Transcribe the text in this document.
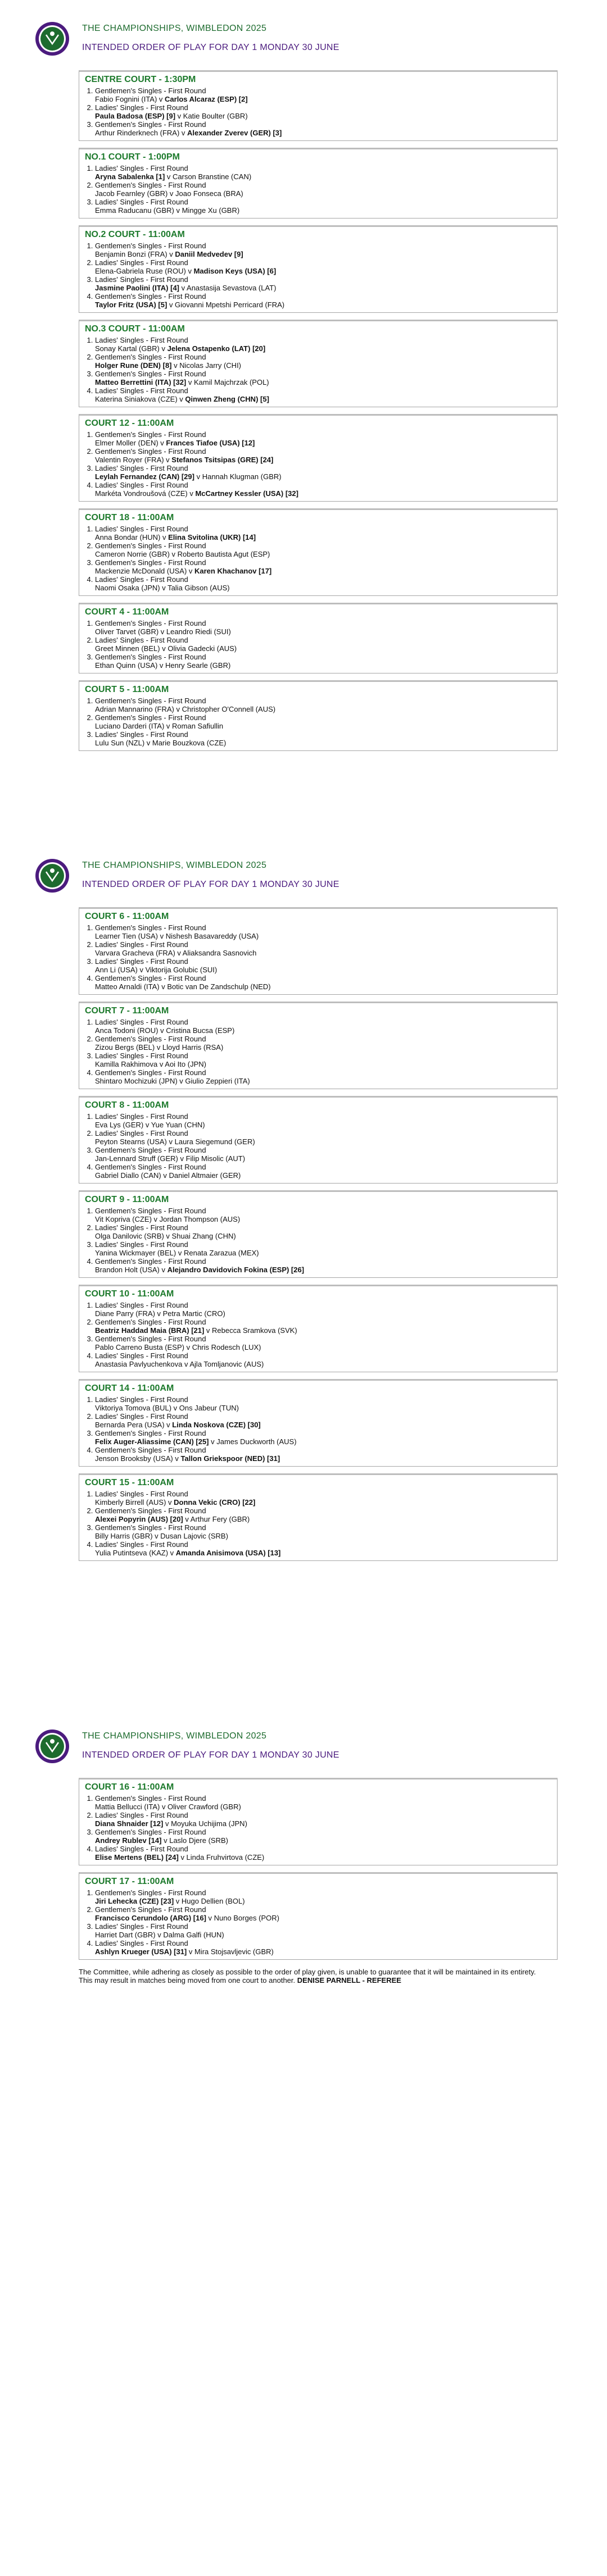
THE CHAMPIONSHIPS, WIMBLEDON 2025
INTENDED ORDER OF PLAY FOR DAY 1 MONDAY 30 JUNE
THE CHAMPIONSHIPS, WIMBLEDON 2025
INTENDED ORDER OF PLAY FOR DAY 1 MONDAY 30 JUNE
THE CHAMPIONSHIPS, WIMBLEDON 2025
INTENDED ORDER OF PLAY FOR DAY 1 MONDAY 30 JUNE
CENTRE COURT - 1:30PM
1. Gentlemen's Singles - First Round
Fabio Fognini (ITA) v Carlos Alcaraz (ESP) [2]
2. Ladies' Singles - First Round
Paula Badosa (ESP) [9] v Katie Boulter (GBR)
3. Gentlemen's Singles - First Round
Arthur Rinderknech (FRA) v Alexander Zverev (GER) [3]
NO.1 COURT - 1:00PM
1. Ladies' Singles - First Round
Aryna Sabalenka [1] v Carson Branstine (CAN)
2. Gentlemen's Singles - First Round
Jacob Fearnley (GBR) v Joao Fonseca (BRA)
3. Ladies' Singles - First Round
Emma Raducanu (GBR) v Mingge Xu (GBR)
NO.2 COURT - 11:00AM
1. Gentlemen's Singles - First Round
Benjamin Bonzi (FRA) v Daniil Medvedev [9]
2. Ladies' Singles - First Round
Elena-Gabriela Ruse (ROU) v Madison Keys (USA) [6]
3. Ladies' Singles - First Round
Jasmine Paolini (ITA) [4] v Anastasija Sevastova (LAT)
4. Gentlemen's Singles - First Round
Taylor Fritz (USA) [5] v Giovanni Mpetshi Perricard (FRA)
NO.3 COURT - 11:00AM
1. Ladies' Singles - First Round
Sonay Kartal (GBR) v Jelena Ostapenko (LAT) [20]
2. Gentlemen's Singles - First Round
Holger Rune (DEN) [8] v Nicolas Jarry (CHI)
3. Gentlemen's Singles - First Round
Matteo Berrettini (ITA) [32] v Kamil Majchrzak (POL)
4. Ladies' Singles - First Round
Katerina Siniakova (CZE) v Qinwen Zheng (CHN) [5]
COURT 12 - 11:00AM
1. Gentlemen's Singles - First Round
Elmer Moller (DEN) v Frances Tiafoe (USA) [12]
2. Gentlemen's Singles - First Round
Valentin Royer (FRA) v Stefanos Tsitsipas (GRE) [24]
3. Ladies' Singles - First Round
Leylah Fernandez (CAN) [29] v Hannah Klugman (GBR)
4. Ladies' Singles - First Round
Markéta Vondroušová (CZE) v McCartney Kessler (USA) [32]
COURT 18 - 11:00AM
1. Ladies' Singles - First Round
Anna Bondar (HUN) v Elina Svitolina (UKR) [14]
2. Gentlemen's Singles - First Round
Cameron Norrie (GBR) v Roberto Bautista Agut (ESP)
3. Gentlemen's Singles - First Round
Mackenzie McDonald (USA) v Karen Khachanov [17]
4. Ladies' Singles - First Round
Naomi Osaka (JPN) v Talia Gibson (AUS)
COURT 4 - 11:00AM
1. Gentlemen's Singles - First Round
Oliver Tarvet (GBR) v Leandro Riedi (SUI)
2. Ladies' Singles - First Round
Greet Minnen (BEL) v Olivia Gadecki (AUS)
3. Gentlemen's Singles - First Round
Ethan Quinn (USA) v Henry Searle (GBR)
COURT 5 - 11:00AM
1. Gentlemen's Singles - First Round
Adrian Mannarino (FRA) v Christopher O'Connell (AUS)
2. Gentlemen's Singles - First Round
Luciano Darderi (ITA) v Roman Safiullin
3. Ladies' Singles - First Round
Lulu Sun (NZL) v Marie Bouzkova (CZE)
COURT 6 - 11:00AM
1. Gentlemen's Singles - First Round
Learner Tien (USA) v Nishesh Basavareddy (USA)
2. Ladies' Singles - First Round
Varvara Gracheva (FRA) v Aliaksandra Sasnovich
3. Ladies' Singles - First Round
Ann Li (USA) v Viktorija Golubic (SUI)
4. Gentlemen's Singles - First Round
Matteo Arnaldi (ITA) v Botic van De Zandschulp (NED)
COURT 7 - 11:00AM
1. Ladies' Singles - First Round
Anca Todoni (ROU) v Cristina Bucsa (ESP)
2. Gentlemen's Singles - First Round
Zizou Bergs (BEL) v Lloyd Harris (RSA)
3. Ladies' Singles - First Round
Kamilla Rakhimova v Aoi Ito (JPN)
4. Gentlemen's Singles - First Round
Shintaro Mochizuki (JPN) v Giulio Zeppieri (ITA)
COURT 8 - 11:00AM
1. Ladies' Singles - First Round
Eva Lys (GER) v Yue Yuan (CHN)
2. Ladies' Singles - First Round
Peyton Stearns (USA) v Laura Siegemund (GER)
3. Gentlemen's Singles - First Round
Jan-Lennard Struff (GER) v Filip Misolic (AUT)
4. Gentlemen's Singles - First Round
Gabriel Diallo (CAN) v Daniel Altmaier (GER)
COURT 9 - 11:00AM
1. Gentlemen's Singles - First Round
Vit Kopriva (CZE) v Jordan Thompson (AUS)
2. Ladies' Singles - First Round
Olga Danilovic (SRB) v Shuai Zhang (CHN)
3. Ladies' Singles - First Round
Yanina Wickmayer (BEL) v Renata Zarazua (MEX)
4. Gentlemen's Singles - First Round
Brandon Holt (USA) v Alejandro Davidovich Fokina (ESP) [26]
COURT 10 - 11:00AM
1. Ladies' Singles - First Round
Diane Parry (FRA) v Petra Martic (CRO)
2. Gentlemen's Singles - First Round
Beatriz Haddad Maia (BRA) [21] v Rebecca Sramkova (SVK)
3. Gentlemen's Singles - First Round
Pablo Carreno Busta (ESP) v Chris Rodesch (LUX)
4. Ladies' Singles - First Round
Anastasia Pavlyuchenkova v Ajla Tomljanovic (AUS)
COURT 14 - 11:00AM
1. Ladies' Singles - First Round
Viktoriya Tomova (BUL) v Ons Jabeur (TUN)
2. Ladies' Singles - First Round
Bernarda Pera (USA) v Linda Noskova (CZE) [30]
3. Gentlemen's Singles - First Round
Felix Auger-Aliassime (CAN) [25] v James Duckworth (AUS)
4. Gentlemen's Singles - First Round
Jenson Brooksby (USA) v Tallon Griekspoor (NED) [31]
COURT 15 - 11:00AM
1. Ladies' Singles - First Round
Kimberly Birrell (AUS) v Donna Vekic (CRO) [22]
2. Gentlemen's Singles - First Round
Alexei Popyrin (AUS) [20] v Arthur Fery (GBR)
3. Gentlemen's Singles - First Round
Billy Harris (GBR) v Dusan Lajovic (SRB)
4. Ladies' Singles - First Round
Yulia Putintseva (KAZ) v Amanda Anisimova (USA) [13]
COURT 16 - 11:00AM
1. Gentlemen's Singles - First Round
Mattia Bellucci (ITA) v Oliver Crawford (GBR)
2. Ladies' Singles - First Round
Diana Shnaider [12] v Moyuka Uchijima (JPN)
3. Gentlemen's Singles - First Round
Andrey Rublev [14] v Laslo Djere (SRB)
4. Ladies' Singles - First Round
Elise Mertens (BEL) [24] v Linda Fruhvirtova (CZE)
COURT 17 - 11:00AM
1. Gentlemen's Singles - First Round
Jiri Lehecka (CZE) [23] v Hugo Dellien (BOL)
2. Gentlemen's Singles - First Round
Francisco Cerundolo (ARG) [16] v Nuno Borges (POR)
3. Ladies' Singles - First Round
Harriet Dart (GBR) v Dalma Galfi (HUN)
4. Ladies' Singles - First Round
Ashlyn Krueger (USA) [31] v Mira Stojsavljevic (GBR)
The Committee, while adhering as closely as possible to the order of play given, is unable to guarantee that it will be maintained in its entirety.
This may result in matches being moved from one court to another. DENISE PARNELL - REFEREE
